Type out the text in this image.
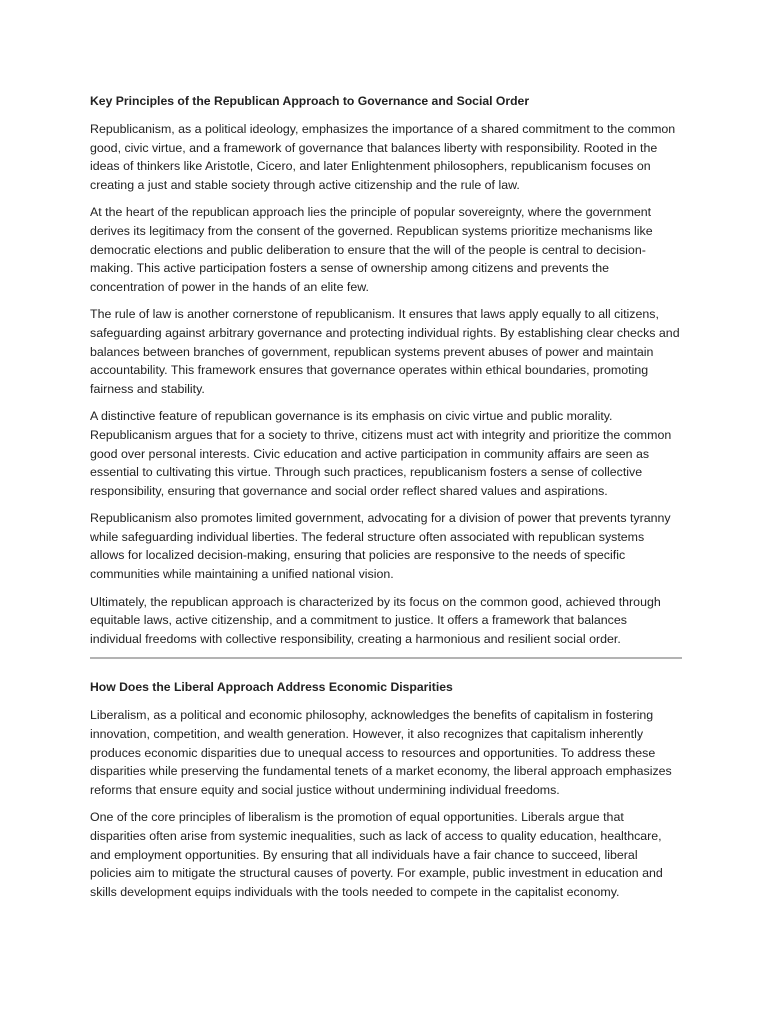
Key Principles of the Republican Approach to Governance and Social Order

Republicanism, as a political ideology, emphasizes the importance of a shared commitment to the common good, civic virtue, and a framework of governance that balances liberty with responsibility. Rooted in the ideas of thinkers like Aristotle, Cicero, and later Enlightenment philosophers, republicanism focuses on creating a just and stable society through active citizenship and the rule of law.

At the heart of the republican approach lies the principle of popular sovereignty, where the government derives its legitimacy from the consent of the governed. Republican systems prioritize mechanisms like democratic elections and public deliberation to ensure that the will of the people is central to decision-making. This active participation fosters a sense of ownership among citizens and prevents the concentration of power in the hands of an elite few.

The rule of law is another cornerstone of republicanism. It ensures that laws apply equally to all citizens, safeguarding against arbitrary governance and protecting individual rights. By establishing clear checks and balances between branches of government, republican systems prevent abuses of power and maintain accountability. This framework ensures that governance operates within ethical boundaries, promoting fairness and stability.

A distinctive feature of republican governance is its emphasis on civic virtue and public morality. Republicanism argues that for a society to thrive, citizens must act with integrity and prioritize the common good over personal interests. Civic education and active participation in community affairs are seen as essential to cultivating this virtue. Through such practices, republicanism fosters a sense of collective responsibility, ensuring that governance and social order reflect shared values and aspirations.

Republicanism also promotes limited government, advocating for a division of power that prevents tyranny while safeguarding individual liberties. The federal structure often associated with republican systems allows for localized decision-making, ensuring that policies are responsive to the needs of specific communities while maintaining a unified national vision.

Ultimately, the republican approach is characterized by its focus on the common good, achieved through equitable laws, active citizenship, and a commitment to justice. It offers a framework that balances individual freedoms with collective responsibility, creating a harmonious and resilient social order.

How Does the Liberal Approach Address Economic Disparities

Liberalism, as a political and economic philosophy, acknowledges the benefits of capitalism in fostering innovation, competition, and wealth generation. However, it also recognizes that capitalism inherently produces economic disparities due to unequal access to resources and opportunities. To address these disparities while preserving the fundamental tenets of a market economy, the liberal approach emphasizes reforms that ensure equity and social justice without undermining individual freedoms.

One of the core principles of liberalism is the promotion of equal opportunities. Liberals argue that disparities often arise from systemic inequalities, such as lack of access to quality education, healthcare, and employment opportunities. By ensuring that all individuals have a fair chance to succeed, liberal policies aim to mitigate the structural causes of poverty. For example, public investment in education and skills development equips individuals with the tools needed to compete in the capitalist economy.
